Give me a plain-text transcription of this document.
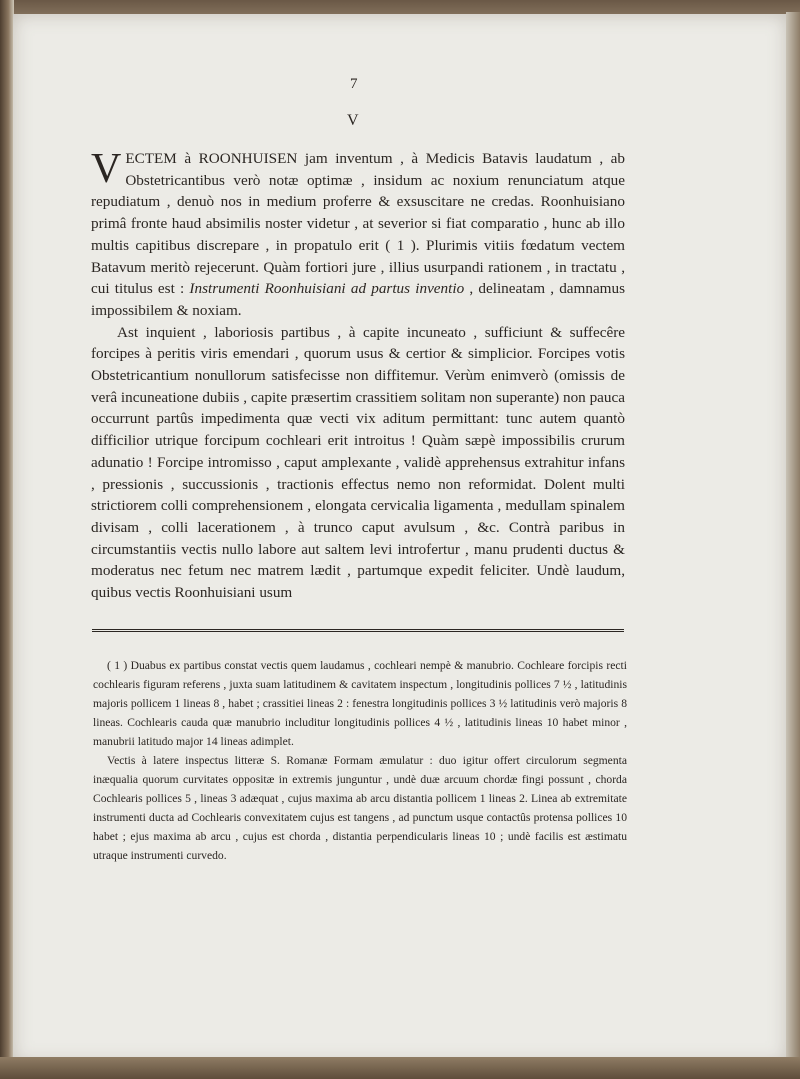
7
V
V ECTEM à ROONHUISEN jam inventum , à Medicis Batavis laudatum , ab Obstetricantibus verò notæ optimæ , insidum ac noxium renunciatum atque repudiatum , denuò nos in medium proferre & exsuscitare ne credas. Roonhuisiano primâ fronte haud absimilis noster videtur , at severior si fiat comparatio , hunc ab illo multis capitibus discrepare , in propatulo erit ( 1 ). Plurimis vitiis fœdatum vectem Batavum meritò rejecerunt. Quàm fortiori jure , illius usurpandi rationem , in tractatu , cui titulus est : Instrumenti Roonhuisiani ad partus inventio , delineatam , damnamus impossibilem & noxiam.

Ast inquient , laboriosis partibus , à capite incuneato , sufficiunt & suffecêre forcipes à peritis viris emendari , quorum usus & certior & simplicior. Forcipes votis Obstetricantium nonullorum satisfecisse non diffitemur. Verùm enimverò (omissis de verâ incuneatione dubiis , capite præsertim crassitiem solitam non superante) non pauca occurrunt partûs impedimenta quæ vecti vix aditum permittant: tunc autem quantò difficilior utrique forcipum cochleari erit introitus ! Quàm sæpè impossibilis crurum adunatio ! Forcipe intromisso , caput amplexante , validè apprehensus extrahitur infans , pressionis , succussionis , tractionis effectus nemo non reformidat. Dolent multi strictiorem colli comprehensionem , elongata cervicalia ligamenta , medullam spinalem divisam , colli lacerationem , à trunco caput avulsum , &c. Contrà paribus in circumstantiis vectis nullo labore aut saltem levi introfertur , manu prudenti ductus & moderatus nec fetum nec matrem lædit , partumque expedit feliciter. Undè laudum, quibus vectis Roonhuisiani usum

( 1 ) Duabus ex partibus constat vectis quem laudamus , cochleari nempè & manubrio. Cochleare forcipis recti cochlearis figuram referens , juxta suam latitudinem & cavitatem inspectum , longitudinis pollices 7 ½ , latitudinis majoris pollicem 1 lineas 8 , habet ; crassitiei lineas 2 : fenestra longitudinis pollices 3 ½ latitudinis verò majoris 8 lineas. Cochlearis cauda quæ manubrio includitur longitudinis pollices 4 ½ , latitudinis lineas 10 habet minor , manubrii latitudo major 14 lineas adimplet.

Vectis à latere inspectus litteræ S. Romanæ Formam æmulatur : duo igitur offert circulorum segmenta inæqualia quorum curvitates oppositæ in extremis junguntur , undè duæ arcuum chordæ fingi possunt , chorda Cochlearis pollices 5 , lineas 3 adæquat , cujus maxima ab arcu distantia pollicem 1 lineas 2. Linea ab extremitate instrumenti ducta ad Cochlearis convexitatem cujus est tangens , ad punctum usque contactûs protensa pollices 10 habet ; ejus maxima ab arcu , cujus est chorda , distantia perpendicularis lineas 10 ; undè facilis est æstimatu utraque instrumenti curvedo.
